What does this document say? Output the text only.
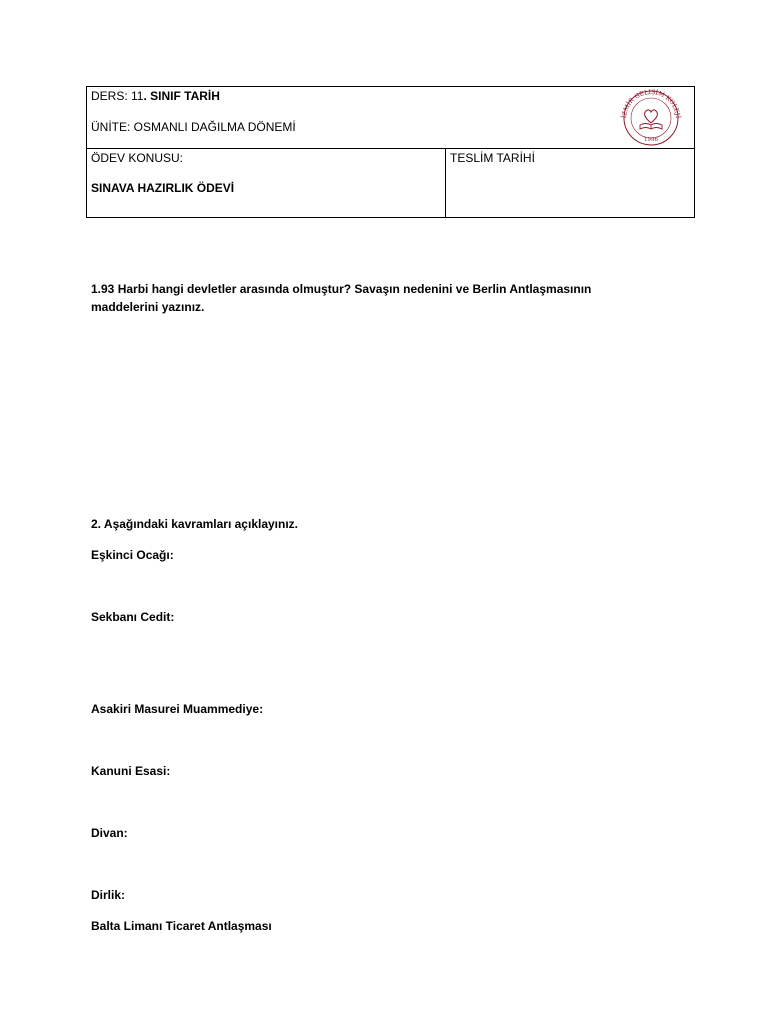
DERS: 11. SINIF TARİH
ÜNİTE: OSMANLI DAĞILMA DÖNEMİ
İZMİR GELİŞİM KOLEJİ
1996
ÖDEV KONUSU:
SINAVA HAZIRLIK ÖDEVİ
TESLİM TARİHİ
1.93 Harbi hangi devletler arasında olmuştur? Savaşın nedenini ve Berlin Antlaşmasının
maddelerini yazınız.
2. Aşağındaki kavramları açıklayınız.
Eşkinci Ocağı:
Sekbanı Cedit:
Asakiri Masurei Muammediye:
Kanuni Esasi:
Divan:
Dirlik:
Balta Limanı Ticaret Antlaşması
